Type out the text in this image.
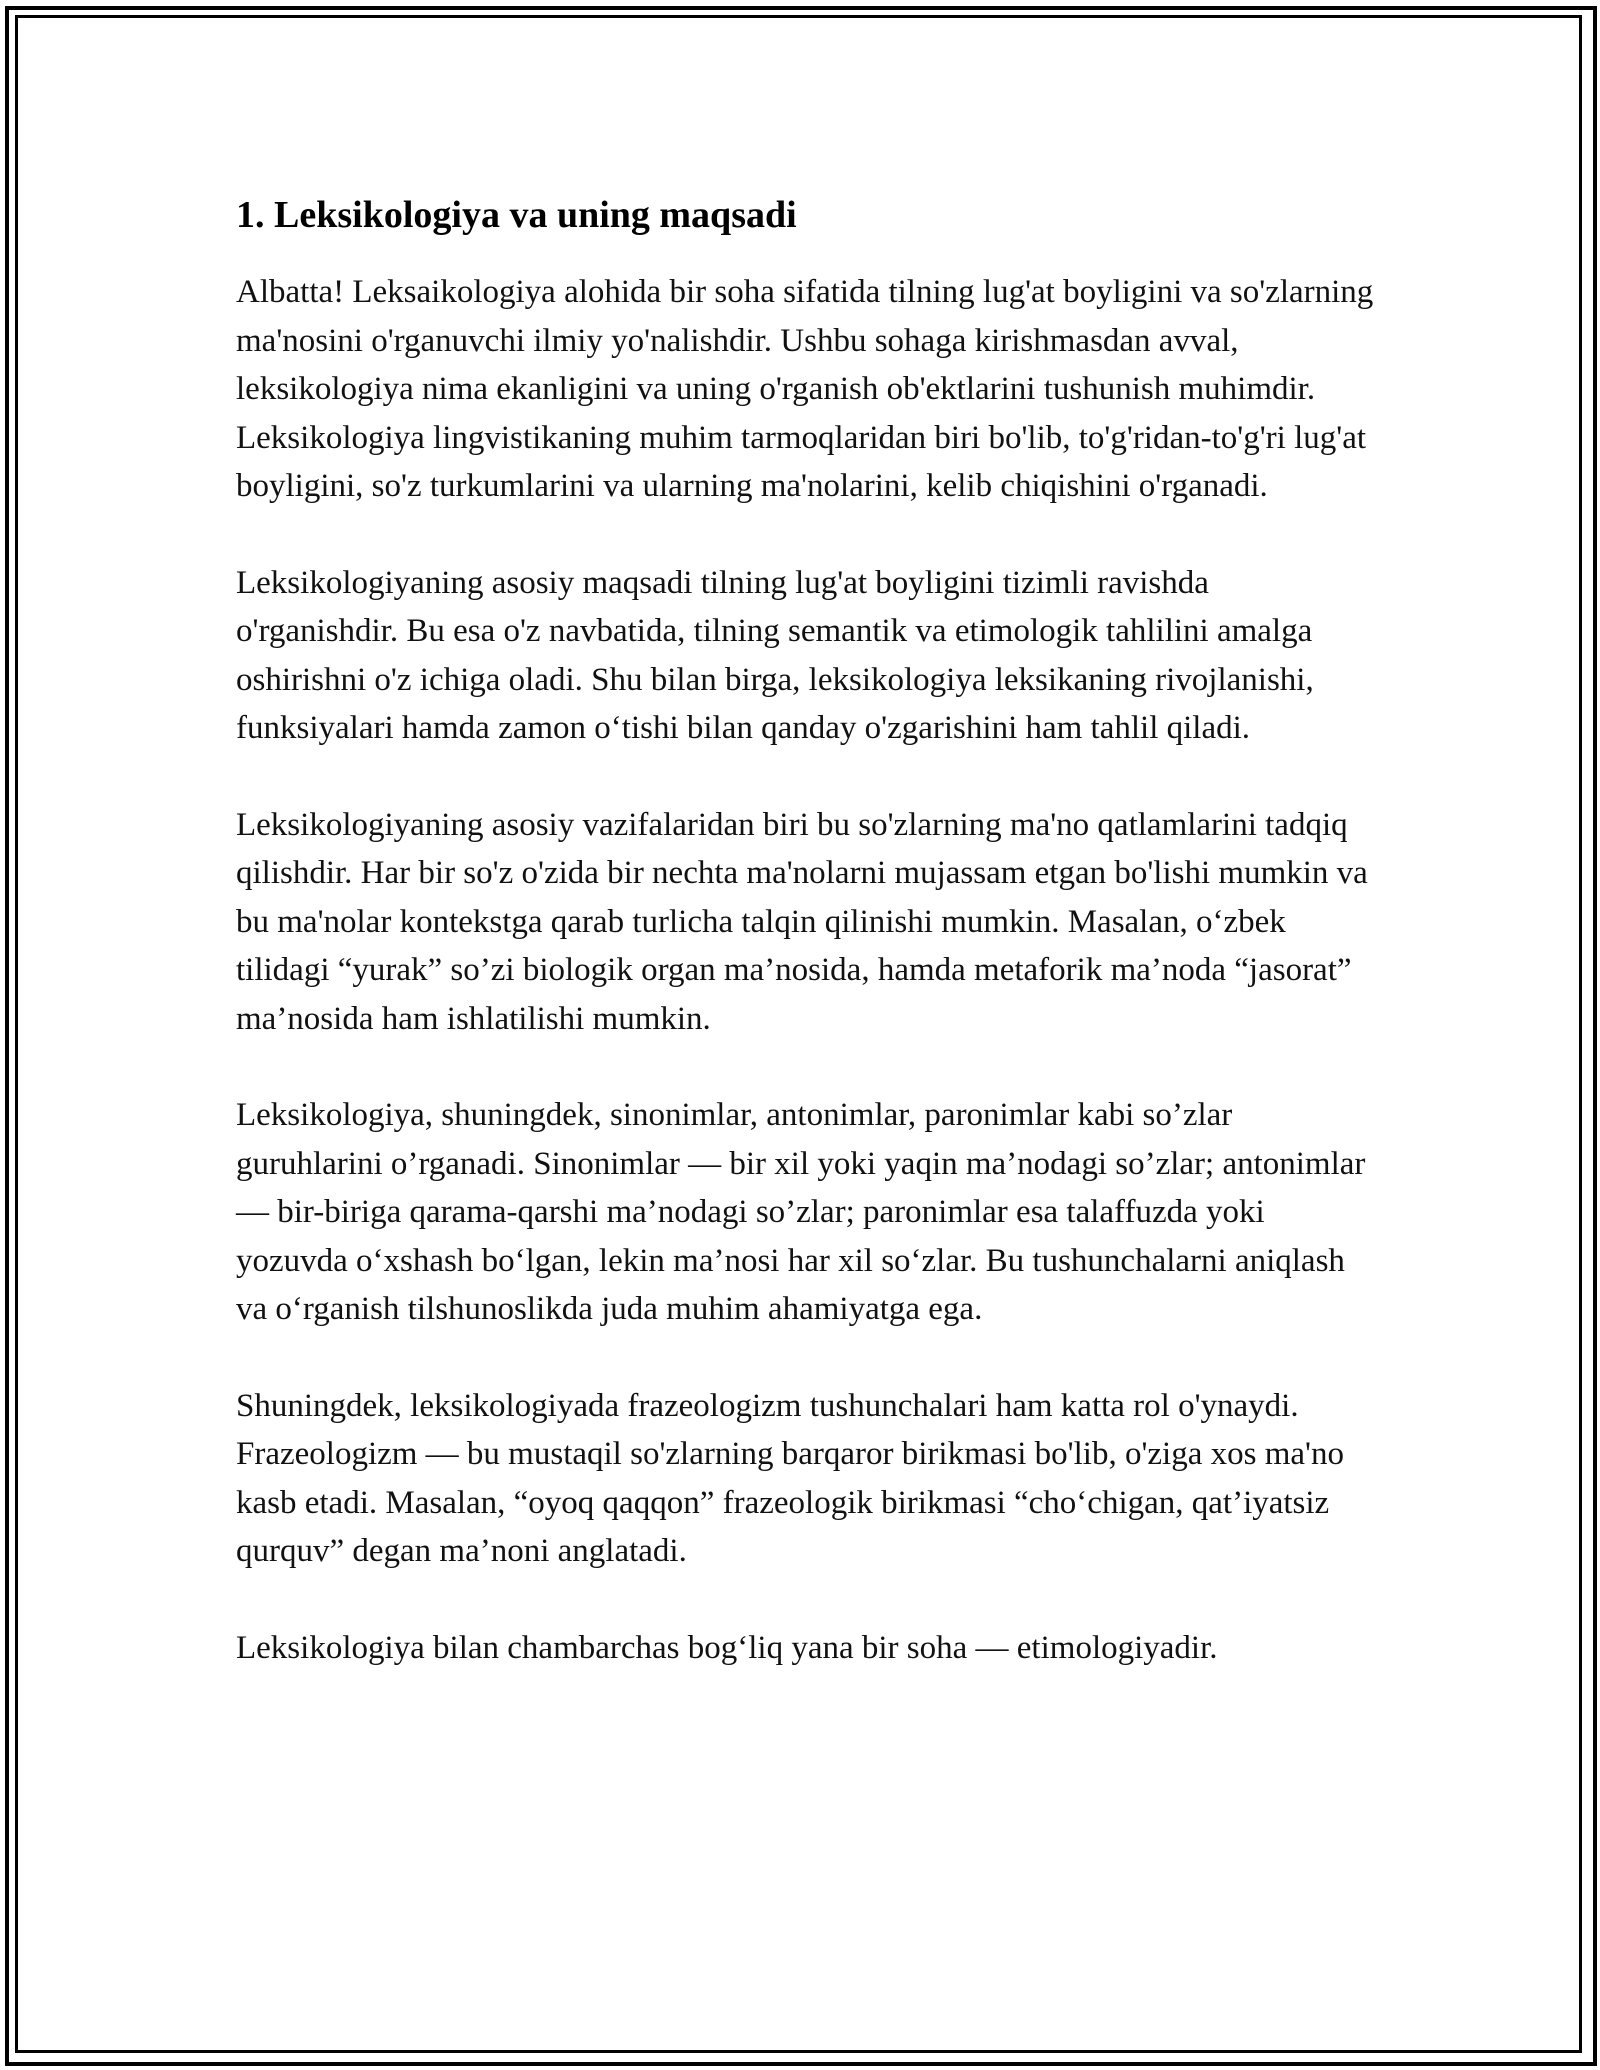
1. Leksikologiya va uning maqsadi

Albatta! Leksaikologiya alohida bir soha sifatida tilning lug'at boyligini va so'zlarning ma'nosini o'rganuvchi ilmiy yo'nalishdir. Ushbu sohaga kirishmasdan avval, leksikologiya nima ekanligini va uning o'rganish ob'ektlarini tushunish muhimdir. Leksikologiya lingvistikaning muhim tarmoqlaridan biri bo'lib, to'g'ridan-to'g'ri lug'at boyligini, so'z turkumlarini va ularning ma'nolarini, kelib chiqishini o'rganadi.

Leksikologiyaning asosiy maqsadi tilning lug'at boyligini tizimli ravishda o'rganishdir. Bu esa o'z navbatida, tilning semantik va etimologik tahlilini amalga oshirishni o'z ichiga oladi. Shu bilan birga, leksikologiya leksikaning rivojlanishi, funksiyalari hamda zamon o‘tishi bilan qanday o'zgarishini ham tahlil qiladi.

Leksikologiyaning asosiy vazifalaridan biri bu so'zlarning ma'no qatlamlarini tadqiq qilishdir. Har bir so'z o'zida bir nechta ma'nolarni mujassam etgan bo'lishi mumkin va bu ma'nolar kontekstga qarab turlicha talqin qilinishi mumkin. Masalan, o‘zbek tilidagi “yurak” so’zi biologik organ ma’nosida, hamda metaforik ma’noda “jasorat” ma’nosida ham ishlatilishi mumkin.

Leksikologiya, shuningdek, sinonimlar, antonimlar, paronimlar kabi so’zlar guruhlarini o’rganadi. Sinonimlar — bir xil yoki yaqin ma’nodagi so’zlar; antonimlar — bir-biriga qarama-qarshi ma’nodagi so’zlar; paronimlar esa talaffuzda yoki yozuvda o‘xshash bo‘lgan, lekin ma’nosi har xil so‘zlar. Bu tushunchalarni aniqlash va o‘rganish tilshunoslikda juda muhim ahamiyatga ega.

Shuningdek, leksikologiyada frazeologizm tushunchalari ham katta rol o'ynaydi. Frazeologizm — bu mustaqil so'zlarning barqaror birikmasi bo'lib, o'ziga xos ma'no kasb etadi. Masalan, “oyoq qaqqon” frazeologik birikmasi “cho‘chigan, qat’iyatsiz qurquv” degan ma’noni anglatadi.

Leksikologiya bilan chambarchas bog‘liq yana bir soha — etimologiyadir.
